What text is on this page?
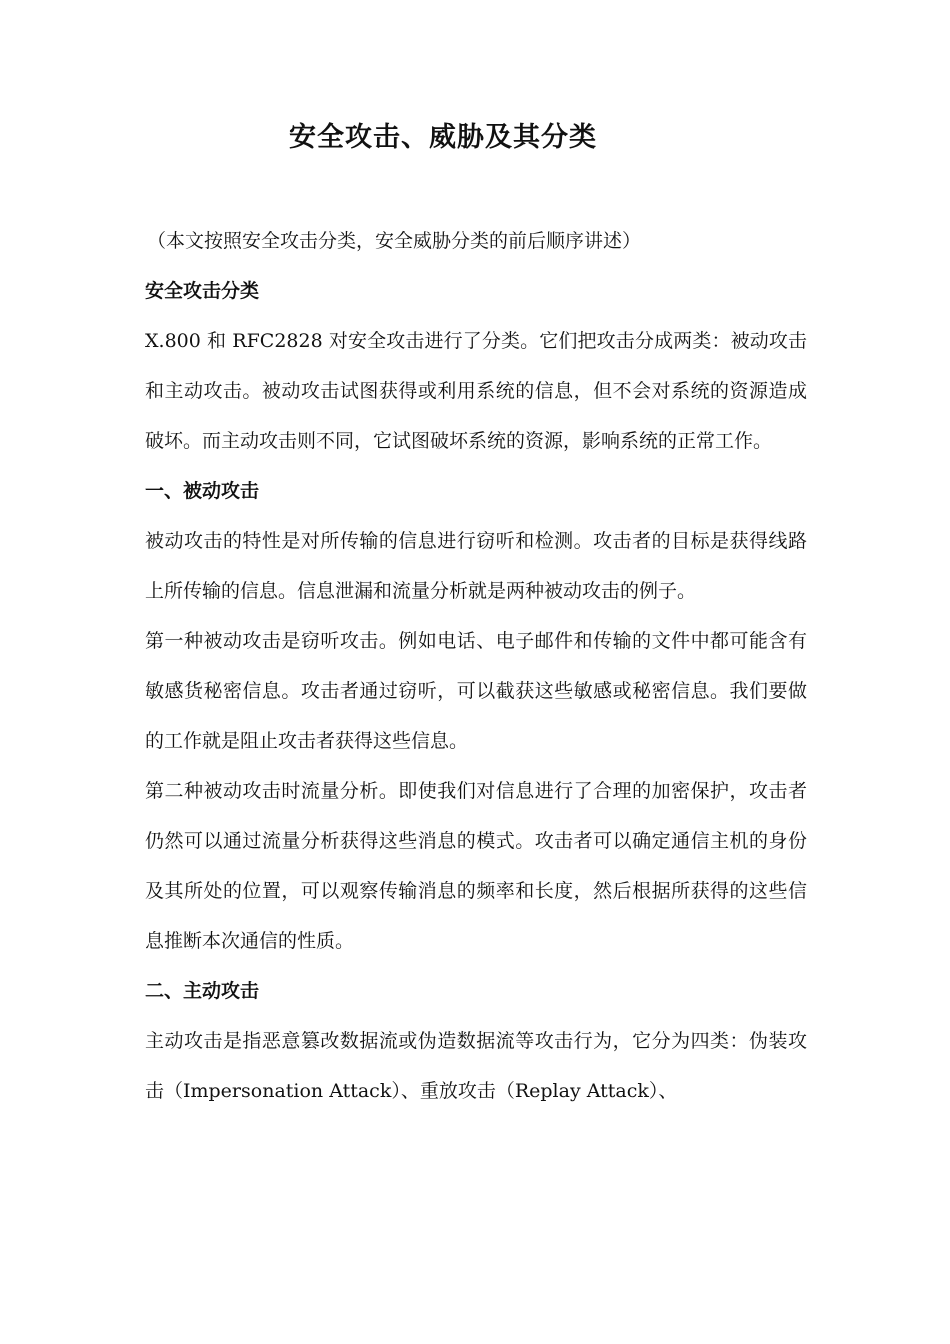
安全攻击、威胁及其分类

（本文按照安全攻击分类，安全威胁分类的前后顺序讲述）

安全攻击分类

X.800 和 RFC2828 对安全攻击进行了分类。它们把攻击分成两类：被动攻击和主动攻击。被动攻击试图获得或利用系统的信息，但不会对系统的资源造成破坏。而主动攻击则不同，它试图破坏系统的资源，影响系统的正常工作。

一、被动攻击

被动攻击的特性是对所传输的信息进行窃听和检测。攻击者的目标是获得线路上所传输的信息。信息泄漏和流量分析就是两种被动攻击的例子。

第一种被动攻击是窃听攻击。例如电话、电子邮件和传输的文件中都可能含有敏感货秘密信息。攻击者通过窃听，可以截获这些敏感或秘密信息。我们要做的工作就是阻止攻击者获得这些信息。

第二种被动攻击时流量分析。即使我们对信息进行了合理的加密保护，攻击者仍然可以通过流量分析获得这些消息的模式。攻击者可以确定通信主机的身份及其所处的位置，可以观察传输消息的频率和长度，然后根据所获得的这些信息推断本次通信的性质。

二、主动攻击

主动攻击是指恶意篡改数据流或伪造数据流等攻击行为，它分为四类：伪装攻击（Impersonation Attack）、重放攻击（Replay Attack）、
